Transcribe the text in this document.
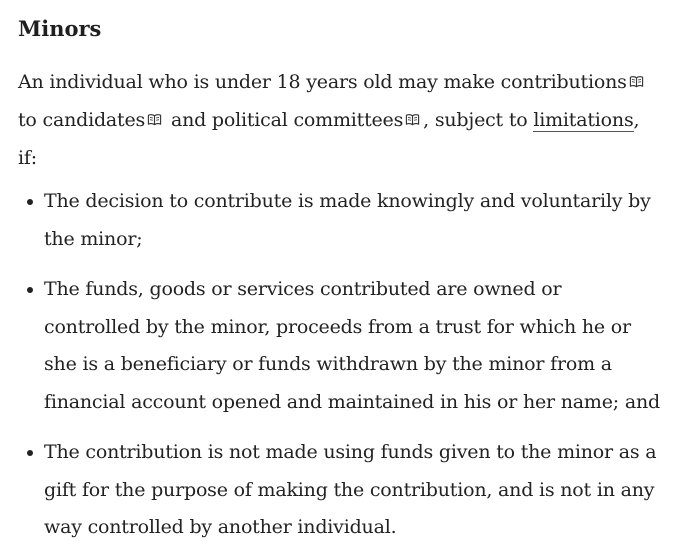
Minors

An individual who is under 18 years old may make contributions
to candidates and political committees , subject to limitations, if:

The decision to contribute is made knowingly and voluntarily by the minor;
The funds, goods or services contributed are owned or controlled by the minor, proceeds from a trust for which he or she is a beneficiary or funds withdrawn by the minor from a financial account opened and maintained in his or her name; and
The contribution is not made using funds given to the minor as a gift for the purpose of making the contribution, and is not in any way controlled by another individual.
